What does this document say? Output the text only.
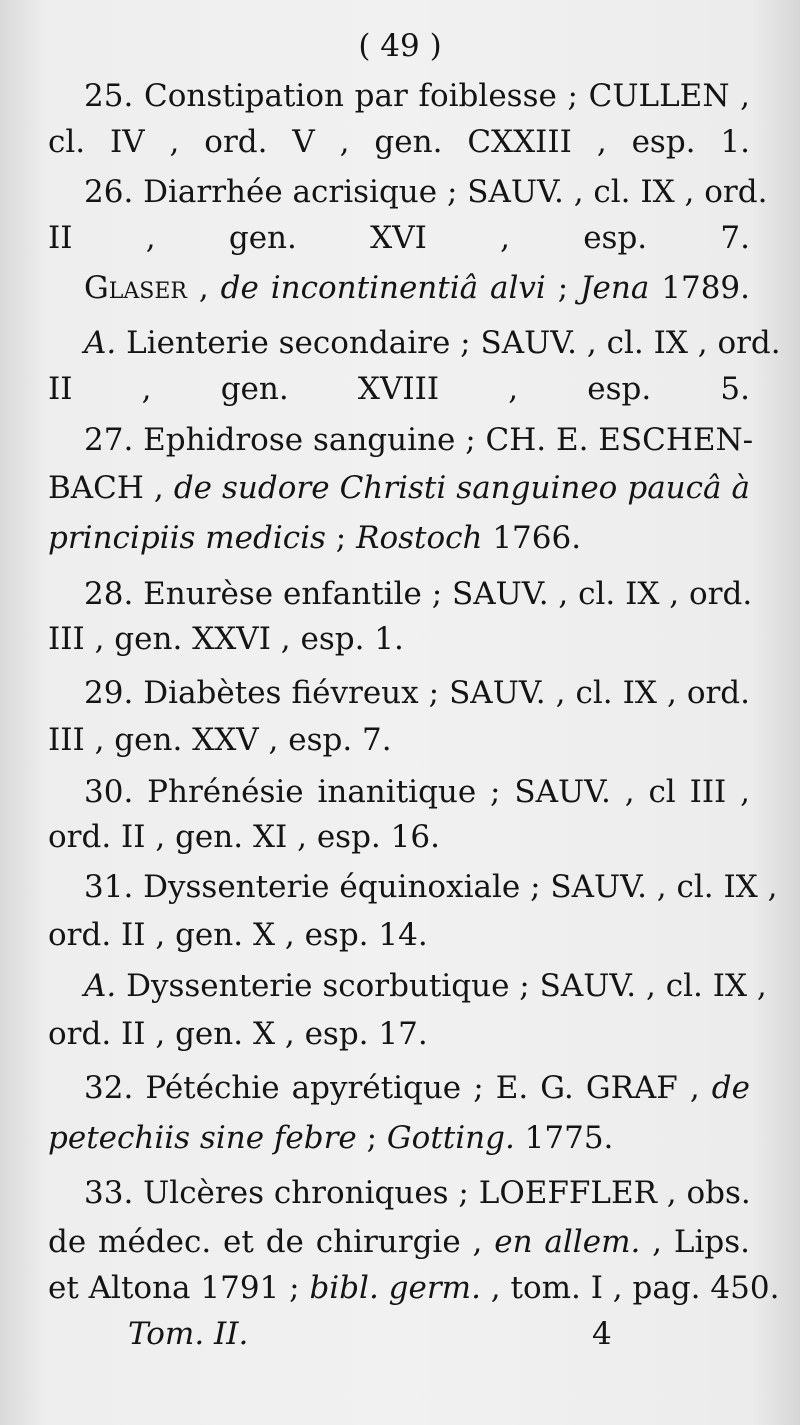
( 49 )
25. Constipation par foiblesse ; CULLEN ,
cl. IV , ord. V , gen. CXXIII , esp. 1.
26. Diarrhée acrisique ; SAUV. , cl. IX , ord.
II , gen. XVI , esp. 7.
Glaser , de incontinentiâ alvi ; Jena 1789.
A. Lienterie secondaire ; SAUV. , cl. IX , ord.
II , gen. XVIII , esp. 5.
27. Ephidrose sanguine ; CH. E. ESCHEN-
BACH , de sudore Christi sanguineo paucâ à
principiis medicis ; Rostoch 1766.
28. Enurèse enfantile ; SAUV. , cl. IX , ord.
III , gen. XXVI , esp. 1.
29. Diabètes fiévreux ; SAUV. , cl. IX , ord.
III , gen. XXV , esp. 7.
30. Phrénésie inanitique ; SAUV. , cl III ,
ord. II , gen. XI , esp. 16.
31. Dyssenterie équinoxiale ; SAUV. , cl. IX ,
ord. II , gen. X , esp. 14.
A. Dyssenterie scorbutique ; SAUV. , cl. IX ,
ord. II , gen. X , esp. 17.
32. Pétéchie apyrétique ; E. G. GRAF , de
petechiis sine febre ; Gotting. 1775.
33. Ulcères chroniques ; LOEFFLER , obs.
de médec. et de chirurgie , en allem. , Lips.
et Altona 1791 ; bibl. germ. , tom. I , pag. 450.
Tom. II.	4
